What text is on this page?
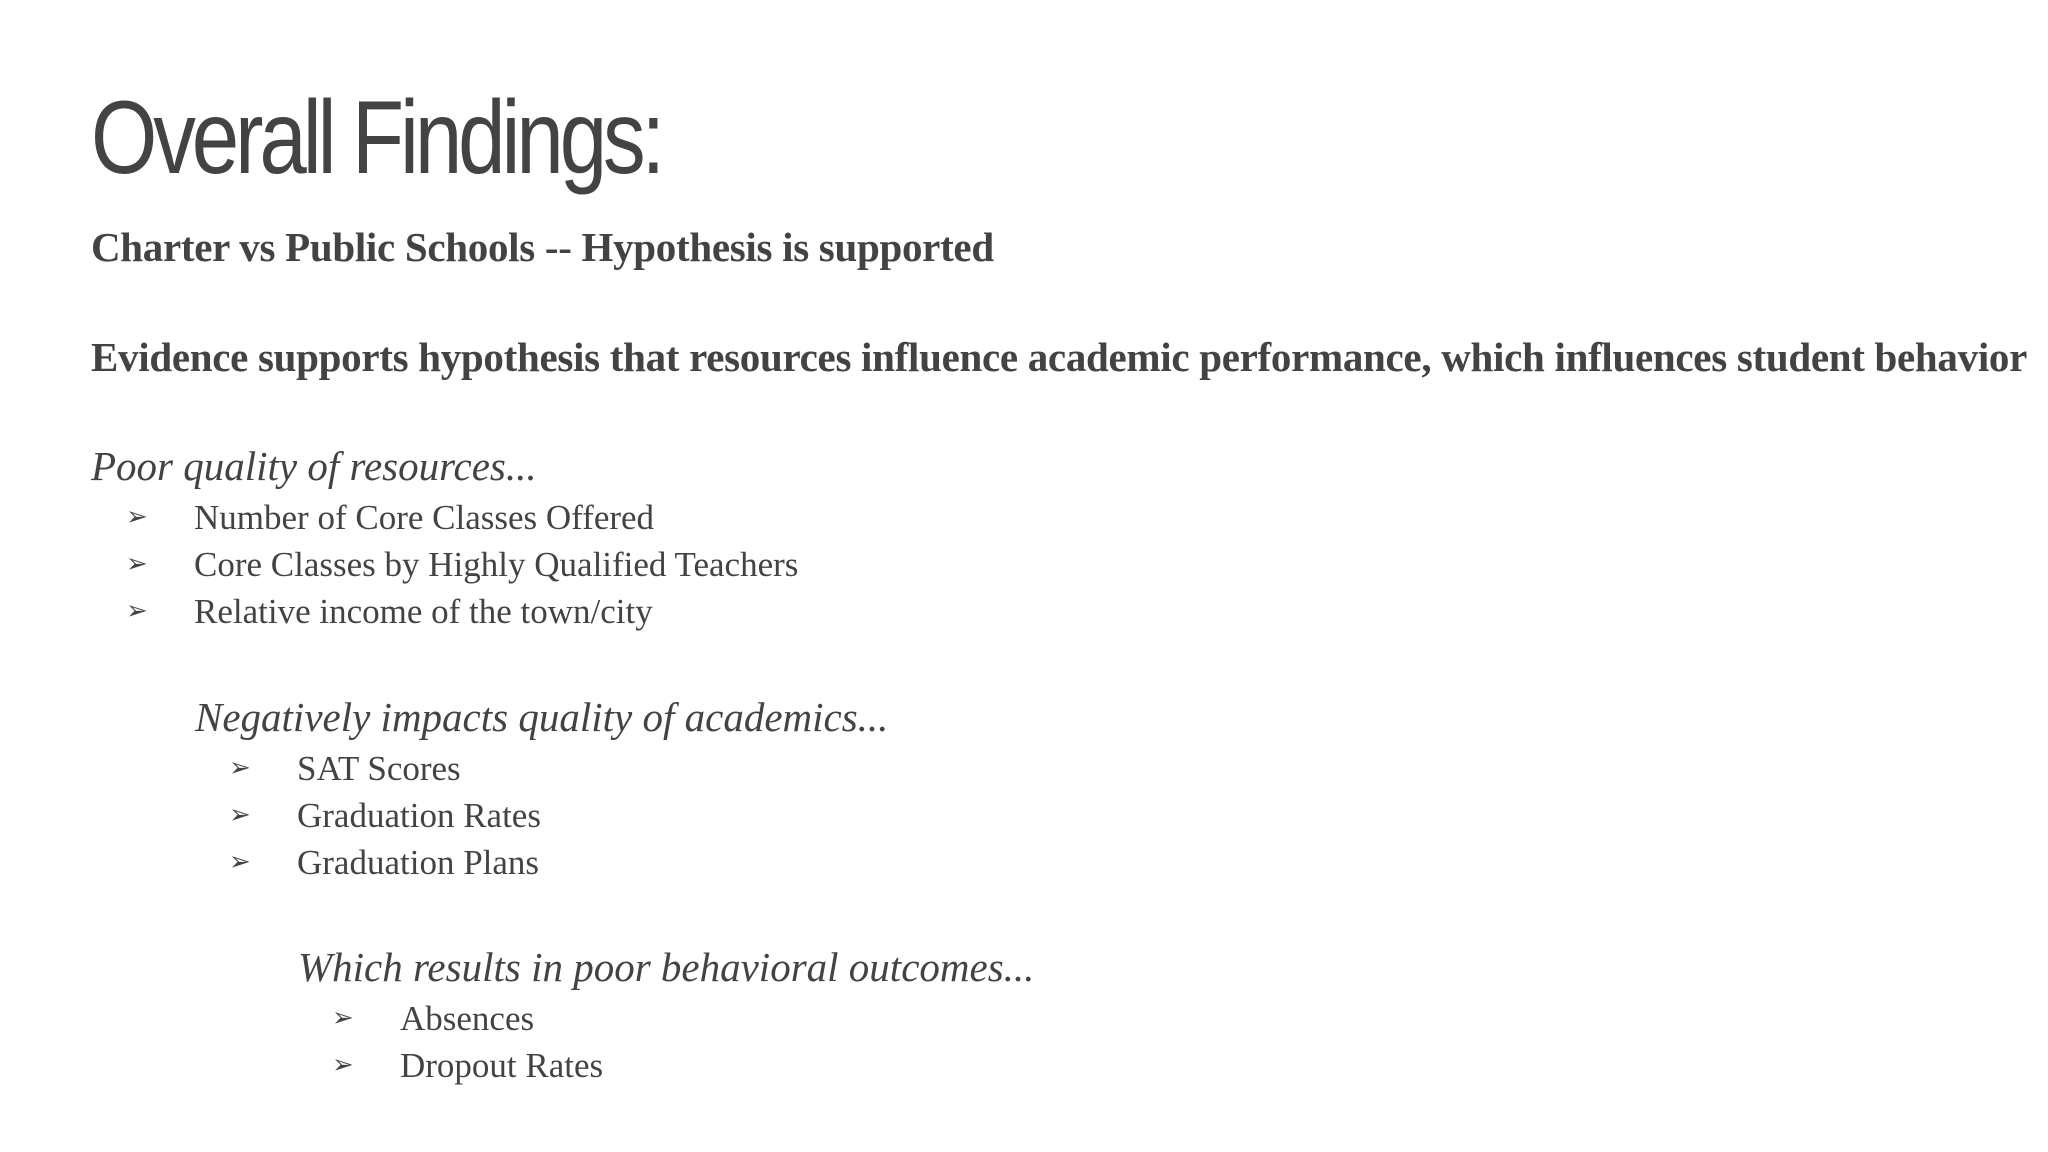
Overall Findings:
Charter vs Public Schools -- Hypothesis is supported
Evidence supports hypothesis that resources influence academic performance, which influences student behavior
Poor quality of resources...
➢ Number of Core Classes Offered
➢ Core Classes by Highly Qualified Teachers
➢ Relative income of the town/city
Negatively impacts quality of academics...
➢ SAT Scores
➢ Graduation Rates
➢ Graduation Plans
Which results in poor behavioral outcomes...
➢ Absences
➢ Dropout Rates
